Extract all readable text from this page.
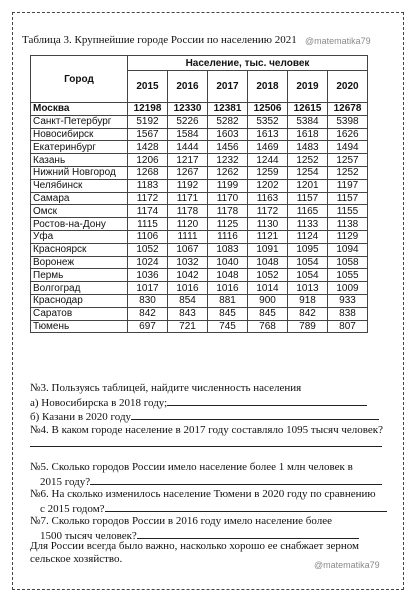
Таблица 3. Крупнейшие городе России по населению 2021 @matematika79
Город	Население, тыс. человек					
	2015	2016	2017	2018	2019	2020
Москва	12198	12330	12381	12506	12615	12678
Санкт-Петербург	5192	5226	5282	5352	5384	5398
Новосибирск	1567	1584	1603	1613	1618	1626
Екатеринбург	1428	1444	1456	1469	1483	1494
Казань	1206	1217	1232	1244	1252	1257
Нижний Новгород	1268	1267	1262	1259	1254	1252
Челябинск	1183	1192	1199	1202	1201	1197
Самара	1172	1171	1170	1163	1157	1157
Омск	1174	1178	1178	1172	1165	1155
Ростов-на-Дону	1115	1120	1125	1130	1133	1138
Уфа	1106	1111	1116	1121	1124	1129
Красноярск	1052	1067	1083	1091	1095	1094
Воронеж	1024	1032	1040	1048	1054	1058
Пермь	1036	1042	1048	1052	1054	1055
Волгоград	1017	1016	1016	1014	1013	1009
Краснодар	830	854	881	900	918	933
Саратов	842	843	845	845	842	838
Тюмень	697	721	745	768	789	807
№3. Пользуясь таблицей, найдите численность населения
а) Новосибирска в 2018 году;
б) Казани в 2020 году
№4. В каком городе население в 2017 году составляло 1095 тысяч человек?
№5. Сколько городов России имело население более 1 млн человек в
2015 году?
№6. На сколько изменилось население Тюмени в 2020 году по сравнению
с 2015 годом?
№7. Сколько городов России в 2016 году имело население более
1500 тысяч человек?
Для России всегда было важно, насколько хорошо ее снабжает зерном сельское хозяйство.	@matematika79
